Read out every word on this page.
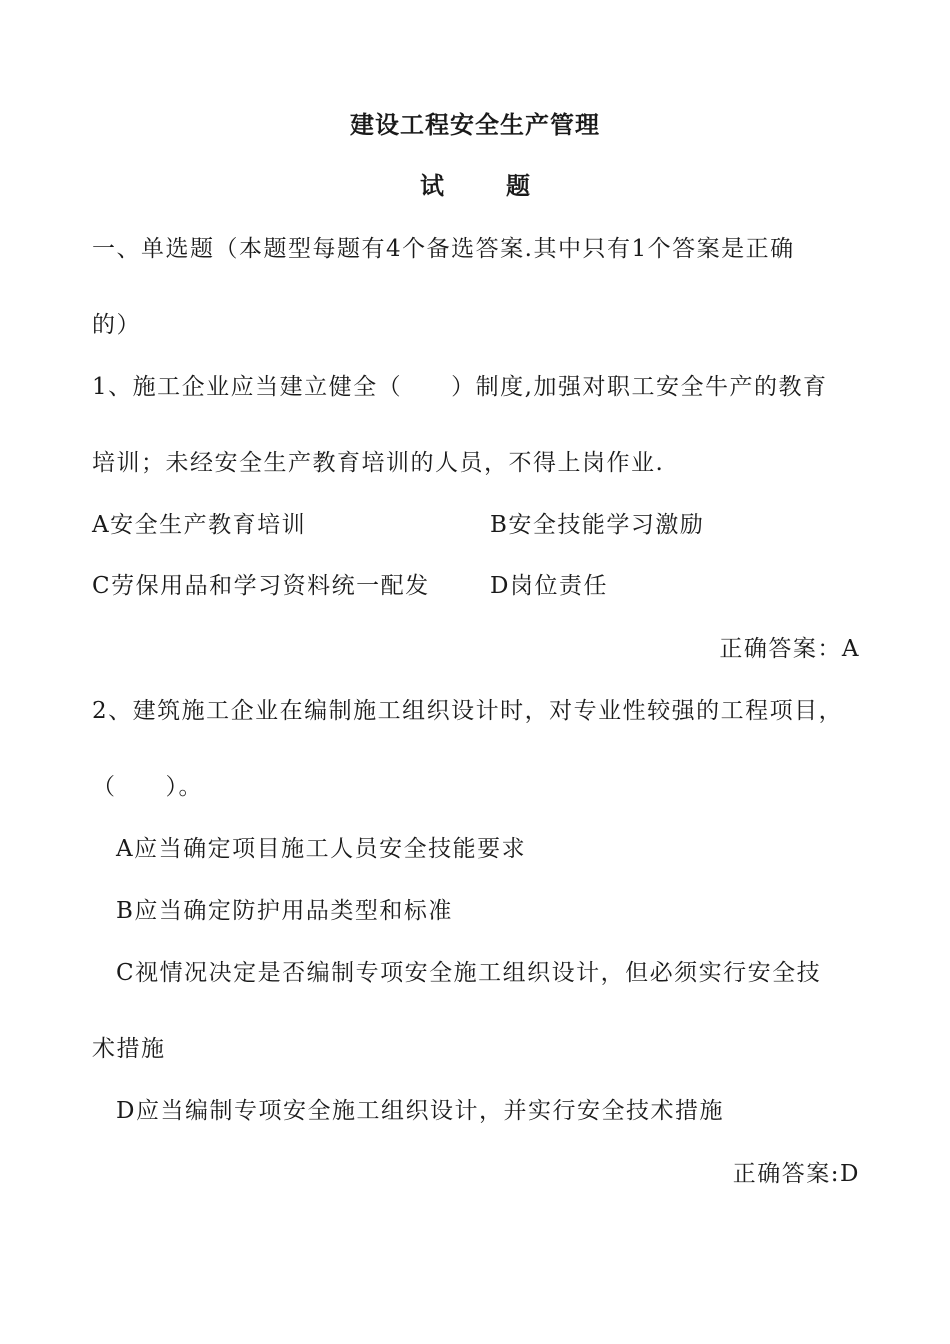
建设工程安全生产管理
试	题
一、单选题（本题型每题有4个备选答案.其中只有1个答案是正确
的）
1、施工企业应当建立健全（　　）制度,加强对职工安全牛产的教育
培训；未经安全生产教育培训的人员，不得上岗作业.
A安全生产教育培训	B安全技能学习激励
C劳保用品和学习资料统一配发	D岗位责任
正确答案：A
2、建筑施工企业在编制施工组织设计时，对专业性较强的工程项目，
（　　）。
A应当确定项目施工人员安全技能要求
B应当确定防护用品类型和标准
C视情况决定是否编制专项安全施工组织设计，但必须实行安全技
术措施
D应当编制专项安全施工组织设计，并实行安全技术措施
正确答案:D
